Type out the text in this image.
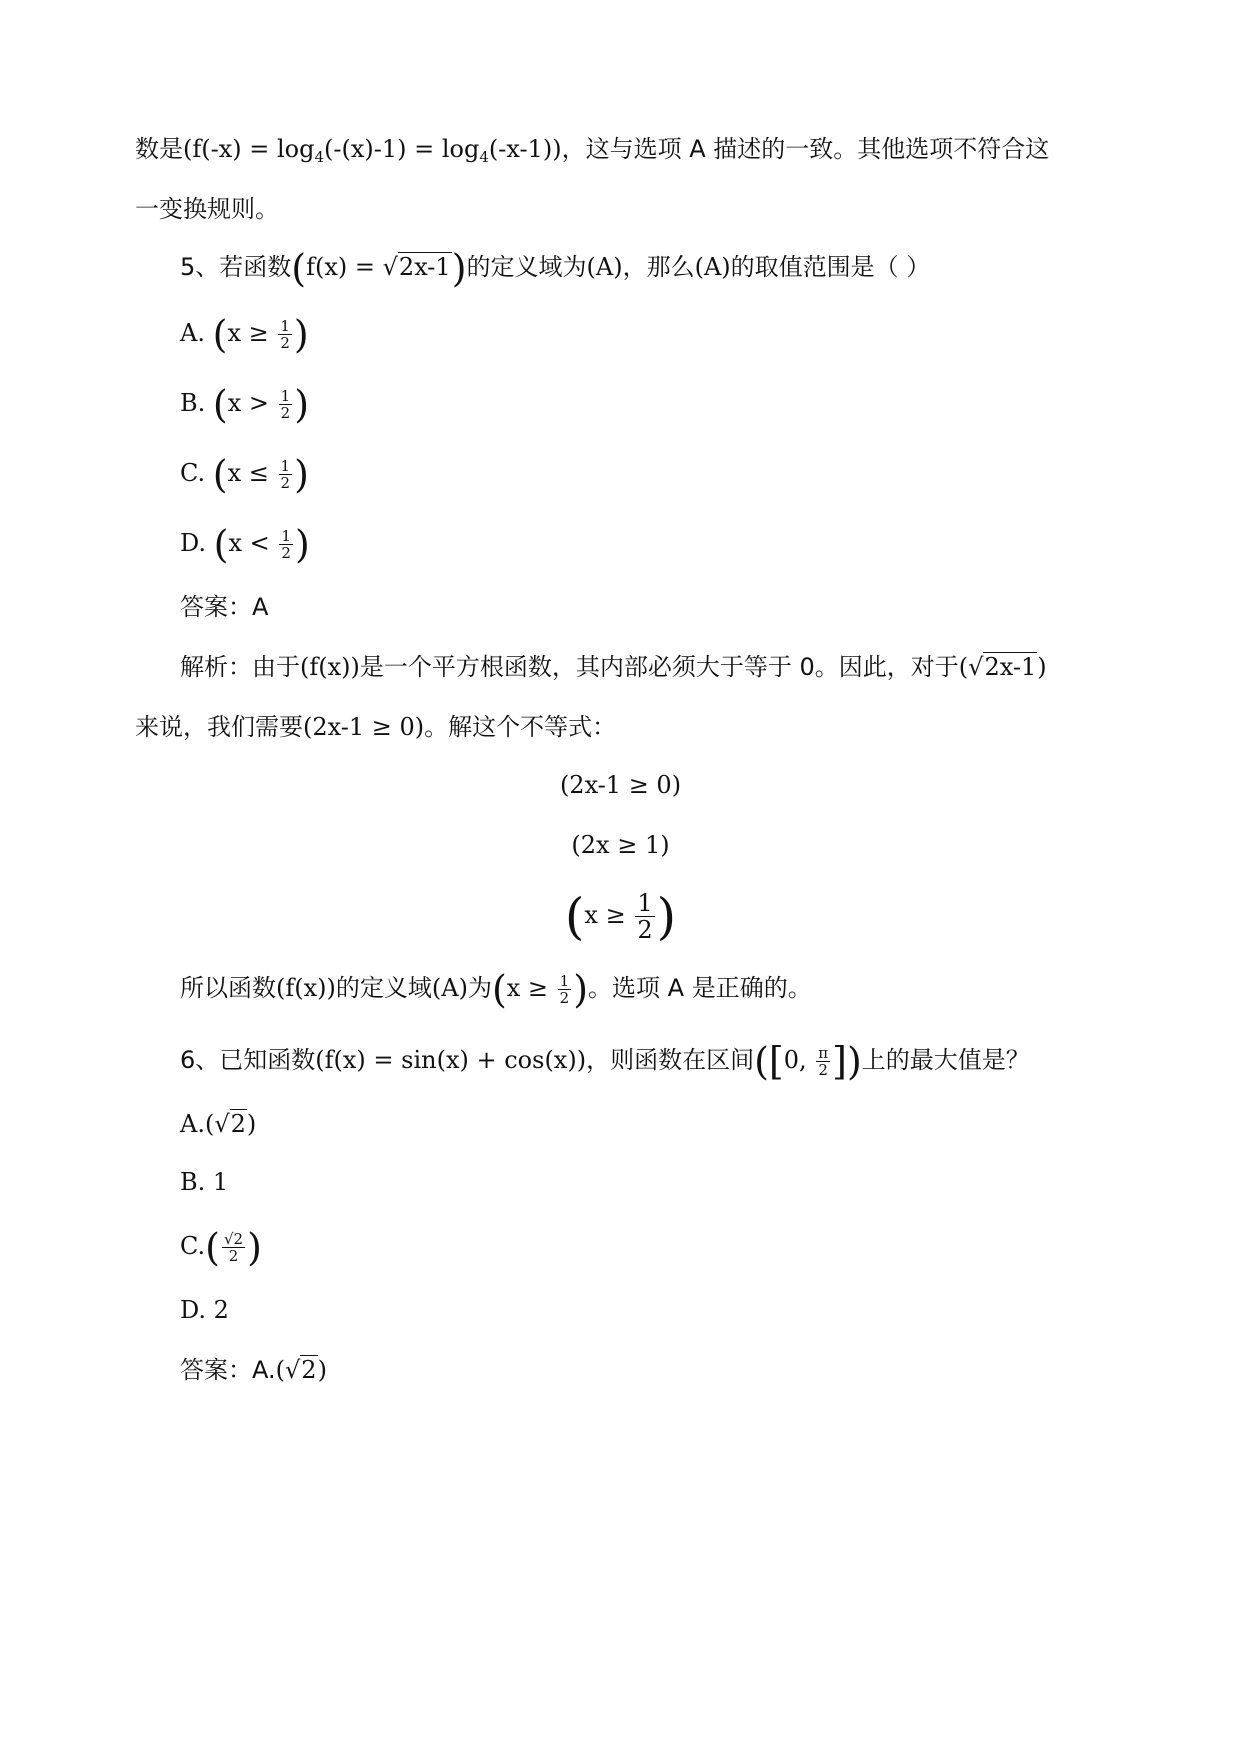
数是$(f(-x) = \log_4(-(x)-1) = \log_4(-x-1))$，这与选项 A 描述的一致。其他选项不符合这
一变换规则。
5、若函数(f(x) = √2x-1)的定义域为(A)，那么(A)的取值范围是（ ）
A. ($x \ge \frac{1}{2}$ )
B. ($x > \frac{1}{2}$ )
C. ($x \le \frac{1}{2}$ )
D. ($x < \frac{1}{2}$ )
答案：A
解析：由于(f(x))是一个平方根函数，其内部必须大于等于 0。因此，对于(√2x-1)
来说，我们需要(2x-1 ≥ 0)。解这个不等式：
(2x-1 ≥ 0)
(2x ≥ 1)
($x \ge \frac{1}{2}$ )
所以函数(f(x))的定义域(A)为($x \ge \frac{1}{2}$ )。选项 A 是正确的。
6、已知函数(f(x) = sin(x) + cos(x))，则函数在区间([0, $\frac{\pi}{2}$ ])上的最大值是？
A.(√2)
B. 1
$C.( \frac{√2}{2}$ )
D. 2
答案：A.(√2)
